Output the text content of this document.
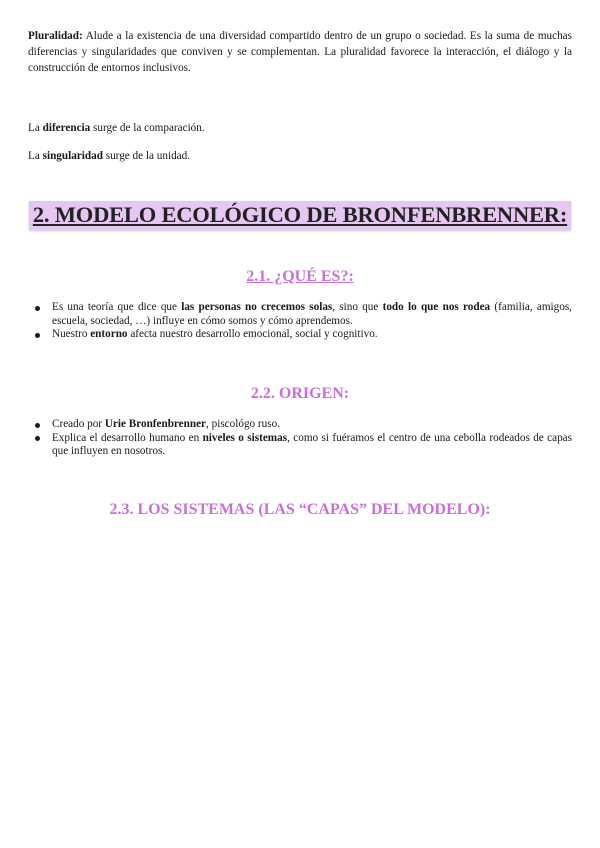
Pluralidad: Alude a la existencia de una diversidad compartido dentro de un grupo o sociedad. Es la suma de muchas diferencias y singularidades que conviven y se complementan. La pluralidad favorece la interacción, el diálogo y la construcción de entornos inclusivos.

La diferencia surge de la comparación.

La singularidad surge de la unidad.

2. MODELO ECOLÓGICO DE BRONFENBRENNER:
2.1. ¿QUÉ ES?:
Es una teoría que dice que las personas no crecemos solas, sino que todo lo que nos rodea (familia, amigos, escuela, sociedad, …) influye en cómo somos y cómo aprendemos.
Nuestro entorno afecta nuestro desarrollo emocional, social y cognitivo.
2.2. ORIGEN:
Creado por Urie Bronfenbrenner, piscológo ruso.
Explica el desarrollo humano en niveles o sistemas, como si fuéramos el centro de una cebolla rodeados de capas que influyen en nosotros.
2.3. LOS SISTEMAS (LAS “CAPAS” DEL MODELO):
